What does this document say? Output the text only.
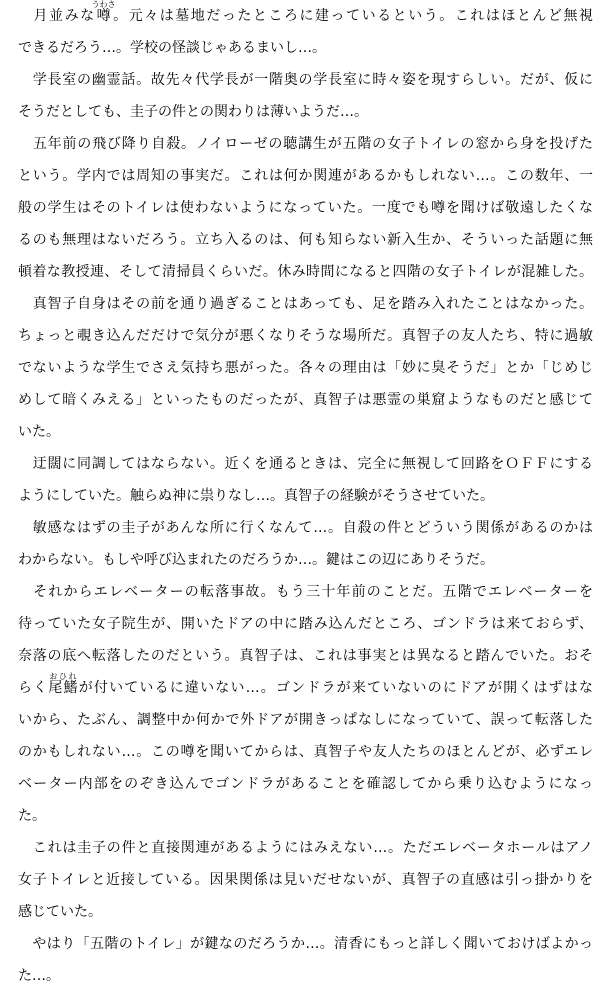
　月並みな噂うわさ。元々は墓地だったところに建っているという。これはほとんど無視
できるだろう…。学校の怪談じゃあるまいし…。
　学長室の幽霊話。故先々代学長が一階奥の学長室に時々姿を現すらしい。だが、仮に
そうだとしても、圭子の件との関わりは薄いようだ…。
　五年前の飛び降り自殺。ノイローゼの聴講生が五階の女子トイレの窓から身を投げた
という。学内では周知の事実だ。これは何か関連があるかもしれない…。この数年、一
般の学生はそのトイレは使わないようになっていた。一度でも噂を聞けば敬遠したくな
るのも無理はないだろう。立ち入るのは、何も知らない新入生か、そういった話題に無
頓着な教授連、そして清掃員くらいだ。休み時間になると四階の女子トイレが混雑した。
　真智子自身はその前を通り過ぎることはあっても、足を踏み入れたことはなかった。
ちょっと覗き込んだだけで気分が悪くなりそうな場所だ。真智子の友人たち、特に過敏
でないような学生でさえ気持ち悪がった。各々の理由は「妙に臭そうだ」とか「じめじ
めして暗くみえる」といったものだったが、真智子は悪霊の巣窟ようなものだと感じて
いた。
　迂闊に同調してはならない。近くを通るときは、完全に無視して回路をＯＦＦにする
ようにしていた。触らぬ神に祟りなし…。真智子の経験がそうさせていた。
　敏感なはずの圭子があんな所に行くなんて…。自殺の件とどういう関係があるのかは
わからない。もしや呼び込まれたのだろうか…。鍵はこの辺にありそうだ。
　それからエレベーターの転落事故。もう三十年前のことだ。五階でエレベーターを
待っていた女子院生が、開いたドアの中に踏み込んだところ、ゴンドラは来ておらず、
奈落の底へ転落したのだという。真智子は、これは事実とは異なると踏んでいた。おそ
らく尾鰭おひれが付いているに違いない…。ゴンドラが来ていないのにドアが開くはずはな
いから、たぶん、調整中か何かで外ドアが開きっぱなしになっていて、誤って転落した
のかもしれない…。この噂を聞いてからは、真智子や友人たちのほとんどが、必ずエレ
ベーター内部をのぞき込んでゴンドラがあることを確認してから乗り込むようになっ
た。
　これは圭子の件と直接関連があるようにはみえない…。ただエレベータホールはアノ
女子トイレと近接している。因果関係は見いだせないが、真智子の直感は引っ掛かりを
感じていた。
　やはり「五階のトイレ」が鍵なのだろうか…。清香にもっと詳しく聞いておけばよかっ
た…。
